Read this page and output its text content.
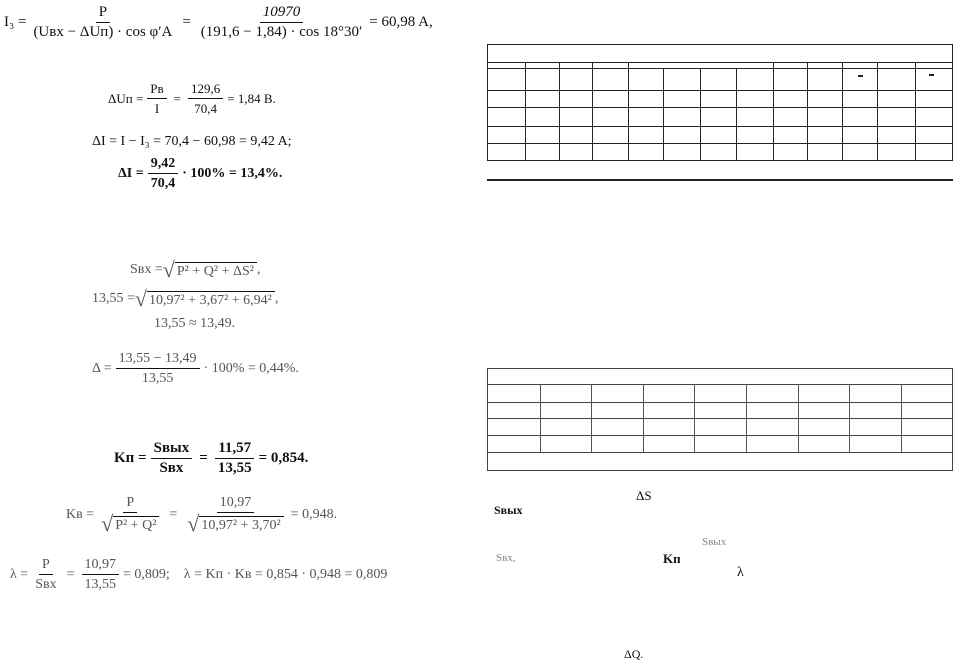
$I_3 = \frac{P}{\text{(Uвх − ΔUп) · cos φ′A}} = \frac{10970}{(191,6 - 1,84) \cdot \cos 18^\circ 30'} = 60,98$ A,
$\Delta Uп = \frac{Pв}{I} = \frac{129,6}{70,4} = 1,84$ В.
ΔI = I − I₃ = 70,4 − 60,98 = 9,42 A;
$\Delta I = \frac{9,42}{70,4} \cdot 100\% = 13,4\%$.
Sвх = √ P² + Q² + ΔS² ,
13,55 = √ 10,97² + 3,67² + 6,94² ,
13,55 ≈ 13,49.
$\Delta = \frac{13,55 - 13,49}{13,55} \cdot 100\% = 0,44\%$.
Kп = $\frac{\text{Sвых}}{\text{Sвх}} = \frac{11,57}{13,55} = 0,854$.
Kв = $\frac{P}{\text{√ P² + Q²}} = \frac{10,97}{\text{√ 10,97² + 3,70²}} = 0,948$.
$\lambda = \frac{P}{\text{Sвх}} = \frac{10,97}{13,55} = 0,809$; λ = Kп · Kв = 0,854 · 0,948 = 0,809
ΔS
Sвых
Sвых
Sвх,	Kп
λ
ΔQ.
